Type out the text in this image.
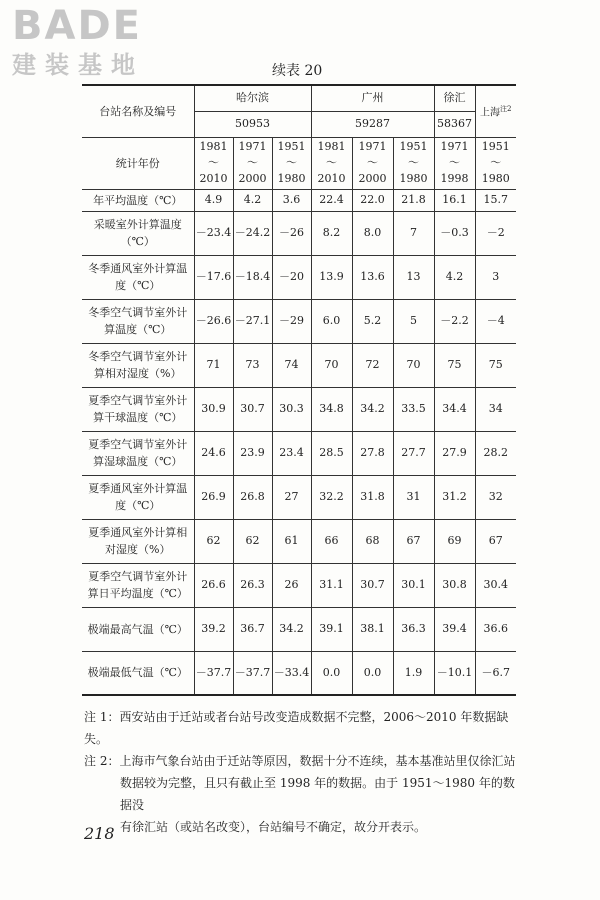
BADE
建装基地	续表 20
台站名称及编号	哈尔滨			广州			徐汇	上海$^{注2}$
	50953			59287			58367	
统计年份	1981～2010	1971～2000	1951～1980	1981～2010	1971～2000	1951～1980	1971～1998	1951～1980
年平均温度（℃）	4.9	4.2	3.6	22.4	22.0	21.8	16.1	15.7
采暖室外计算温度（℃）	－23.4	－24.2	－26	8.2	8.0	7	－0.3	－2
冬季通风室外计算温度（℃）	－17.6	－18.4	－20	13.9	13.6	13	4.2	3
冬季空气调节室外计算温度（℃）	－26.6	－27.1	－29	6.0	5.2	5	－2.2	－4
冬季空气调节室外计算相对湿度（%）	71	73	74	70	72	70	75	75
夏季空气调节室外计算干球温度（℃）	30.9	30.7	30.3	34.8	34.2	33.5	34.4	34
夏季空气调节室外计算湿球温度（℃）	24.6	23.9	23.4	28.5	27.8	27.7	27.9	28.2
夏季通风室外计算温度（℃）	26.9	26.8	27	32.2	31.8	31	31.2	32
夏季通风室外计算相对湿度（%）	62	62	61	66	68	67	69	67
夏季空气调节室外计算日平均温度（℃）	26.6	26.3	26	31.1	30.7	30.1	30.8	30.4
极端最高气温（℃）	39.2	36.7	34.2	39.1	38.1	36.3	39.4	36.6
极端最低气温（℃）	－37.7	－37.7	－33.4	0.0	0.0	1.9	－10.1	－6.7
注 1：西安站由于迁站或者台站号改变造成数据不完整，2006～2010 年数据缺失。
注 2：上海市气象台站由于迁站等原因，数据十分不连续，基本基准站里仅徐汇站
数据较为完整，且只有截止至 1998 年的数据。由于 1951～1980 年的数据没
有徐汇站（或站名改变），台站编号不确定，故分开表示。
218
